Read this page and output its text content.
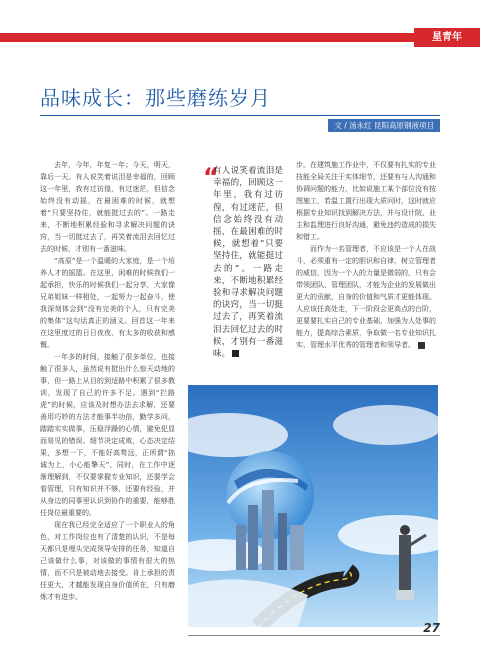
星青年
品味成长：那些磨练岁月
文 / 汤永红 昆阳高原钢液项目

去年，今年，年复一年；今天，明天，靠后一天。有人说笑着说泪是幸福的，回顾这一年里，我有过彷徨，有过迷茫，但信念始终没有动摇，在最困难的时候，就想着“只要坚持住，就能挺过去的”。一路走来，不断地积累经验和寻求解决问题的诀窍，当一切挺过去了，再笑着流泪去回忆过去的时候，才别有一番滋味。

“高原”是一个温暖的大家庭，是一个培养人才的摇篮。在这里，闲难的时候我们一起承担，快乐的时候我们一起分享，大家像兄弟姐妹一样相处，一起努力一起奋斗，使我深刻体会到“没有完美的个人，只有完美的集体”这句话真正的涵义。回首这一年来在这里度过的日日夜夜，有太多的收获和感慨。

一年多的时间，接触了很多单位，也接触了很多人，虽然说有挺出什么惊天动地的事，但一路上从目的到适路中积累了很多教训，发现了自己的许多不足。遇到“拦路虎”的时候，应该及时想办法去求解，还要善用巧妙的方法才能事半功倍，勤学多问，踏踏实实做事，压稳浮躁的心情，避免犯显而易见的错误。细节决定成败，心态决定结果，多想一下，不能好高骛远，正所谓“拙诚为上，小心能擎天”，同时，在工作中逐渐理解到，不仅要掌握专业知识，还要学会看管理，只有知识并不够，还要有经验，并从身边的同事里认识到协作的重要，能够胜任岗位最重要的。

现在我已经完全适应了一个职业人的角色，对工作岗位也有了清楚的认识，不是每天都只是埋头完成领导安排的任务，知道自己该做什么事，对该做的事情有很大的热情，而不只是被动地去接受。肯上承担的责任更大，才越能发现自身价值所在，只有磨炼才有进步。

“
有人说笑着流泪是幸福的，回顾这一年里，我有过彷徨，有过迷茫，但信念始终没有动摇，在最困难的时候，就想着“只要坚持住，就能挺过去的”。一路走来，不断地积累经验和寻求解决问题的诀窍，当一切挺过去了，再笑着流泪去回忆过去的时候，才别有一番滋味。

步。在建筑施工作业中，不仅要有扎实的专业技能全局关注于实体细节，还要有与人沟通和协调问题的能力，比如说施工某个部位没有按图施工，若温工置行出现大质问时，这时就应根据专业知识找到解决方法，并与设计院、业主和监理进行良好沟通，避免违约造成的损失和错工。

而作为一名管理者，不应该是一个人在战斗，必须重有一定的胆识和自律，树立管理者的威信，因为一个人的力量是微弱的，只有会带领团队，管理团队，才能为企业的发展做出更大的贡献，自身的价值和气质才更能体现。人应该任高处走，下一阶段会更高点的台阶，更要要扎实自己的专业基础，加强为人处事的能力，提高综合素质，争取做一名专业知识扎实、管理水平优秀的管理者和领导者。

27
